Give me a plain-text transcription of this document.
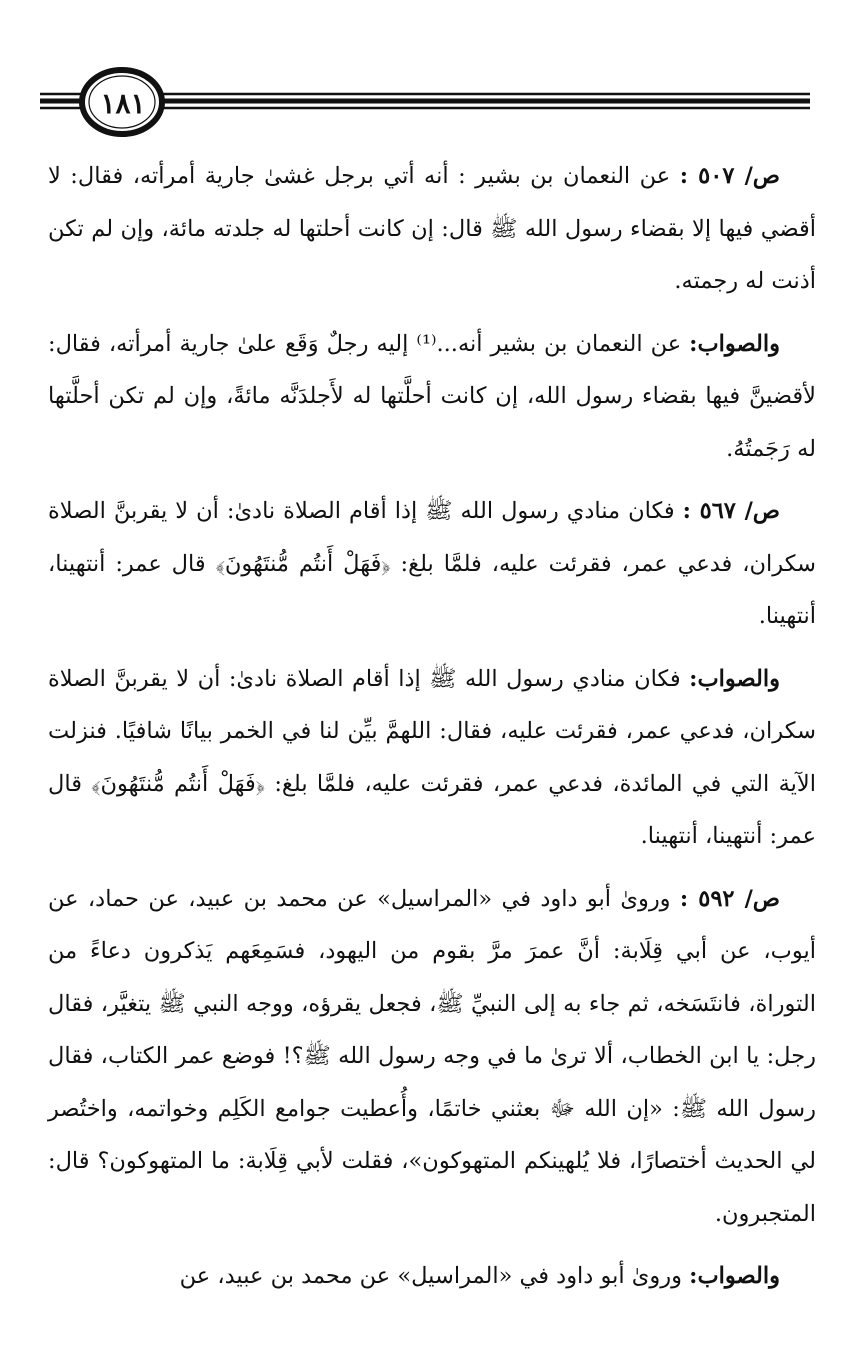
١٨١

ص/ ٥٠٧ : عن النعمان بن بشير : أنه أتي برجل غشىٰ جارية أمرأته، فقال: لا أقضي فيها إلا بقضاء رسول الله ﷺ قال: إن كانت أحلتها له جلدته مائة، وإن لم تكن أذنت له رجمته.

والصواب: عن النعمان بن بشير أنه...⁽¹⁾ إليه رجلٌ وَقَع علىٰ جارية أمرأته، فقال: لأقضينَّ فيها بقضاء رسول الله، إن كانت أحلَّتها له لأَجلدَنَّه مائةً، وإن لم تكن أحلَّتها له رَجَمتُهُ.

ص/ ٥٦٧ : فكان منادي رسول الله ﷺ إذا أقام الصلاة نادىٰ: أن لا يقربنَّ الصلاة سكران، فدعي عمر، فقرئت عليه، فلمَّا بلغ: ﴿فَهَلْ أَنتُم مُّنتَهُونَ﴾ قال عمر: أنتهينا، أنتهينا.

والصواب: فكان منادي رسول الله ﷺ إذا أقام الصلاة نادىٰ: أن لا يقربنَّ الصلاة سكران، فدعي عمر، فقرئت عليه، فقال: اللهمَّ بيِّن لنا في الخمر بيانًا شافيًا. فنزلت الآية التي في المائدة، فدعي عمر، فقرئت عليه، فلمَّا بلغ: ﴿فَهَلْ أَنتُم مُّنتَهُونَ﴾ قال عمر: أنتهينا، أنتهينا.

ص/ ٥٩٢ : ورویٰ أبو داود في «المراسيل» عن محمد بن عبيد، عن حماد، عن أيوب، عن أبي قِلَابة: أنَّ عمرَ مرَّ بقوم من اليهود، فسَمِعَهم يَذكرون دعاءً من التوراة، فانتَسَخه، ثم جاء به إلى النبيِّ ﷺ، فجعل يقرؤه، ووجه النبي ﷺ يتغيَّر، فقال رجل: يا ابن الخطاب، ألا ترىٰ ما في وجه رسول الله ﷺ؟! فوضع عمر الكتاب، فقال رسول الله ﷺ: «إن الله ﷻ بعثني خاتمًا، وأُعطيت جوامع الكَلِم وخواتمه، واختُصر لي الحديث أختصارًا، فلا يُلهينكم المتهوكون»، فقلت لأبي قِلَابة: ما المتهوكون؟ قال: المتجبرون.

والصواب: ورویٰ أبو داود في «المراسيل» عن محمد بن عبيد، عن
